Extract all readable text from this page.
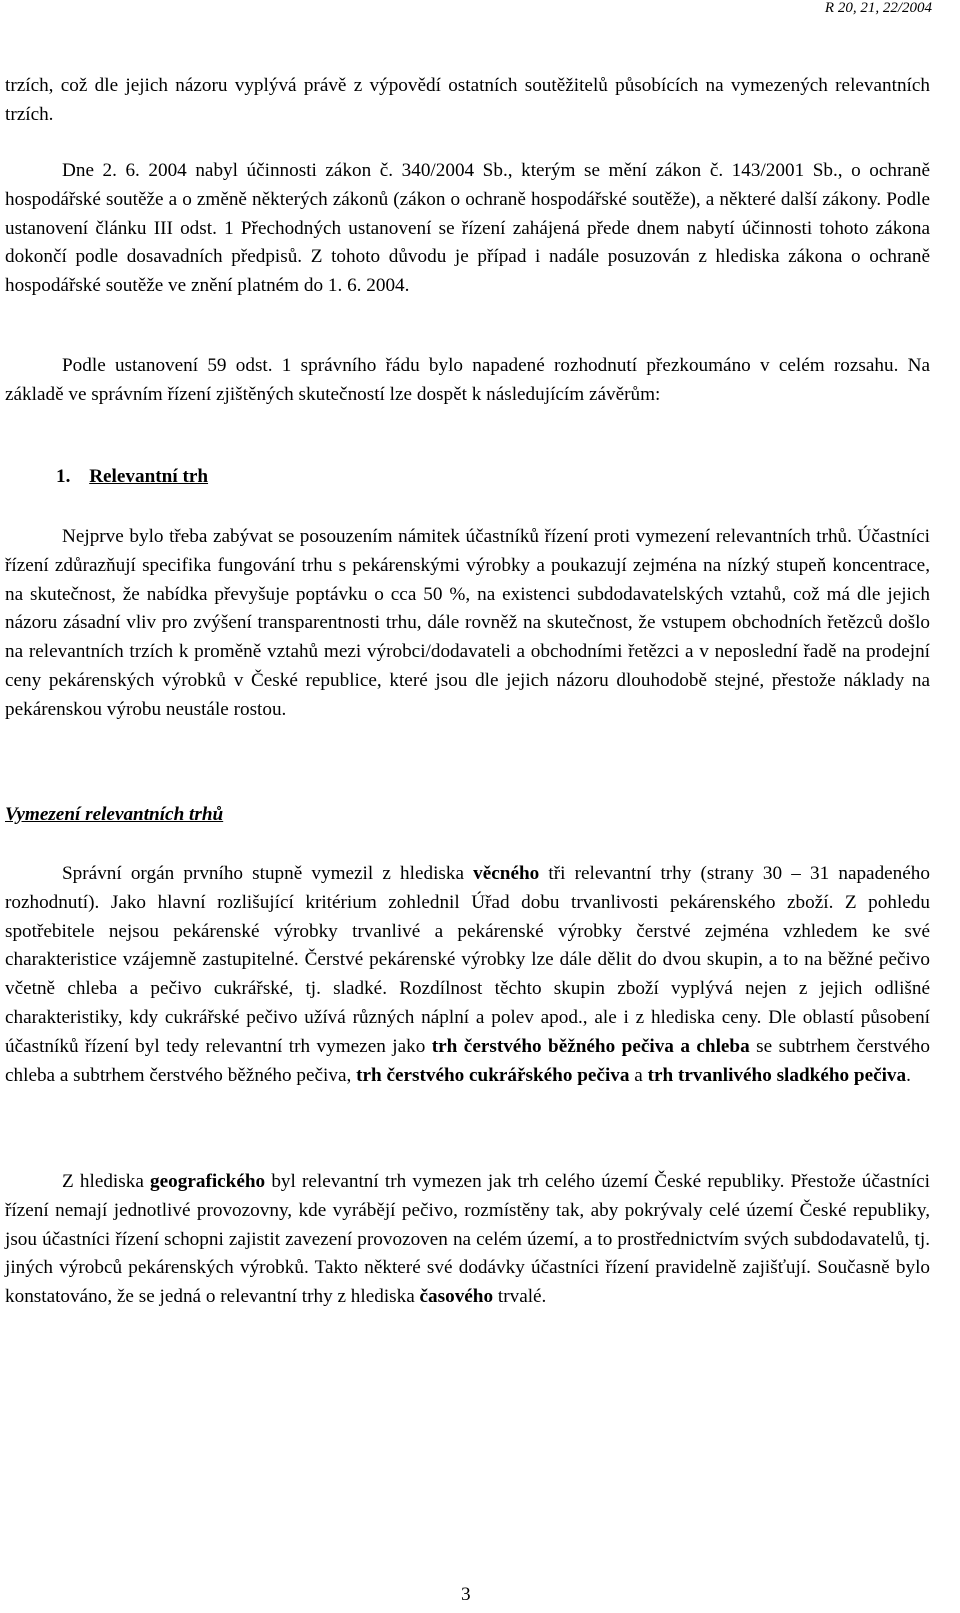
R 20, 21, 22/2004

trzích, což dle jejich názoru vyplývá právě z výpovědí ostatních soutěžitelů působících na vymezených relevantních trzích.

Dne 2. 6. 2004 nabyl účinnosti zákon č. 340/2004 Sb., kterým se mění zákon č. 143/2001 Sb., o ochraně hospodářské soutěže a o změně některých zákonů (zákon o ochraně hospodářské soutěže), a některé další zákony. Podle ustanovení článku III odst. 1 Přechodných ustanovení se řízení zahájená přede dnem nabytí účinnosti tohoto zákona dokončí podle dosavadních předpisů. Z tohoto důvodu je případ i nadále posuzován z hlediska zákona o ochraně hospodářské soutěže ve znění platném do 1. 6. 2004.

Podle ustanovení 59 odst. 1 správního řádu bylo napadené rozhodnutí přezkoumáno v celém rozsahu. Na základě ve správním řízení zjištěných skutečností lze dospět k následujícím závěrům:

1. Relevantní trh

Nejprve bylo třeba zabývat se posouzením námitek účastníků řízení proti vymezení relevantních trhů. Účastníci řízení zdůrazňují specifika fungování trhu s pekárenskými výrobky a poukazují zejména na nízký stupeň koncentrace, na skutečnost, že nabídka převyšuje poptávku o cca 50 %, na existenci subdodavatelských vztahů, což má dle jejich názoru zásadní vliv pro zvýšení transparentnosti trhu, dále rovněž na skutečnost, že vstupem obchodních řetězců došlo na relevantních trzích k proměně vztahů mezi výrobci/dodavateli a obchodními řetězci a v neposlední řadě na prodejní ceny pekárenských výrobků v České republice, které jsou dle jejich názoru dlouhodobě stejné, přestože náklady na pekárenskou výrobu neustále rostou.

Vymezení relevantních trhů

Správní orgán prvního stupně vymezil z hlediska věcného tři relevantní trhy (strany 30 – 31 napadeného rozhodnutí). Jako hlavní rozlišující kritérium zohlednil Úřad dobu trvanlivosti pekárenského zboží. Z pohledu spotřebitele nejsou pekárenské výrobky trvanlivé a pekárenské výrobky čerstvé zejména vzhledem ke své charakteristice vzájemně zastupitelné. Čerstvé pekárenské výrobky lze dále dělit do dvou skupin, a to na běžné pečivo včetně chleba a pečivo cukrářské, tj. sladké. Rozdílnost těchto skupin zboží vyplývá nejen z jejich odlišné charakteristiky, kdy cukrářské pečivo užívá různých náplní a polev apod., ale i z hlediska ceny. Dle oblastí působení účastníků řízení byl tedy relevantní trh vymezen jako trh čerstvého běžného pečiva a chleba se subtrhem čerstvého chleba a subtrhem čerstvého běžného pečiva, trh čerstvého cukrářského pečiva a trh trvanlivého sladkého pečiva.

Z hlediska geografického byl relevantní trh vymezen jak trh celého území České republiky. Přestože účastníci řízení nemají jednotlivé provozovny, kde vyrábějí pečivo, rozmístěny tak, aby pokrývaly celé území České republiky, jsou účastníci řízení schopni zajistit zavezení provozoven na celém území, a to prostřednictvím svých subdodavatelů, tj. jiných výrobců pekárenských výrobků. Takto některé své dodávky účastníci řízení pravidelně zajišťují. Současně bylo konstatováno, že se jedná o relevantní trhy z hlediska časového trvalé.

3
